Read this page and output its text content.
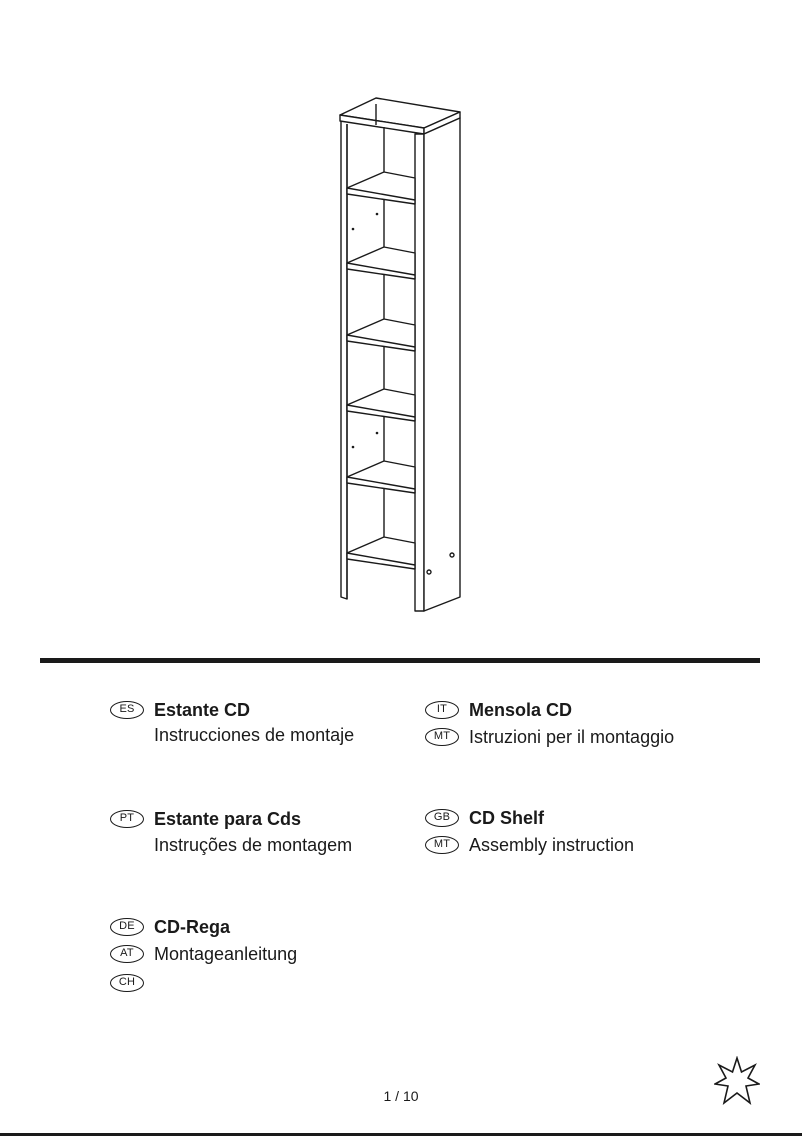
ES	Estante CD
Instrucciones de montaje
IT	Mensola CD
MT	Istruzioni per il montaggio
PT	Estante para Cds
Instruções de montagem
GB	CD Shelf
MT	Assembly instruction
DE	CD-Rega
AT	Montageanleitung
CH
1 / 10
